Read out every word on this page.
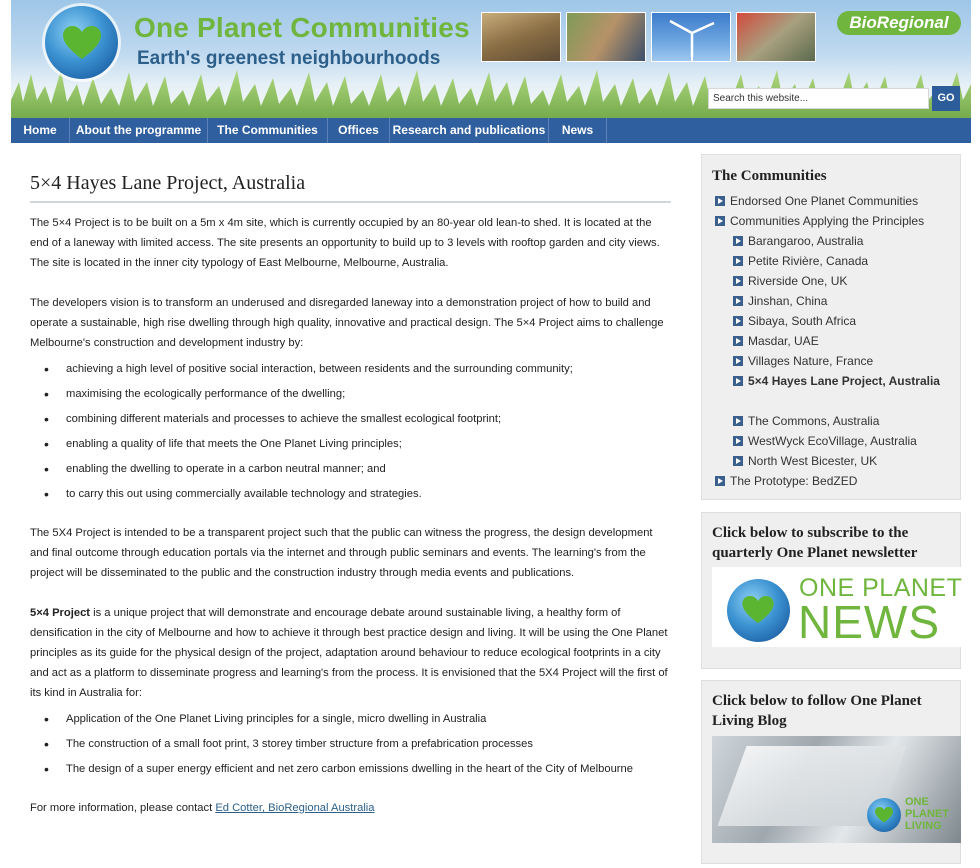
One Planet Communities
Earth's greenest neighbourhoods
BioRegional
Search this website...	GO
Home	About the programme	The Communities	Offices	Research and publications	News
5×4 Hayes Lane Project, Australia

The 5×4 Project is to be built on a 5m x 4m site, which is currently occupied by an 80-year old lean-to shed. It is located at the end of a laneway with limited access. The site presents an opportunity to build up to 3 levels with rooftop garden and city views. The site is located in the inner city typology of East Melbourne, Melbourne, Australia.

The developers vision is to transform an underused and disregarded laneway into a demonstration project of how to build and operate a sustainable, high rise dwelling through high quality, innovative and practical design. The 5×4 Project aims to challenge Melbourne's construction and development industry by:

• achieving a high level of positive social interaction, between residents and the surrounding community;
• maximising the ecologically performance of the dwelling;
• combining different materials and processes to achieve the smallest ecological footprint;
• enabling a quality of life that meets the One Planet Living principles;
• enabling the dwelling to operate in a carbon neutral manner; and
• to carry this out using commercially available technology and strategies.

The 5X4 Project is intended to be a transparent project such that the public can witness the progress, the design development and final outcome through education portals via the internet and through public seminars and events. The learning's from the project will be disseminated to the public and the construction industry through media events and publications.

5×4 Project is a unique project that will demonstrate and encourage debate around sustainable living, a healthy form of densification in the city of Melbourne and how to achieve it through best practice design and living. It will be using the One Planet principles as its guide for the physical design of the project, adaptation around behaviour to reduce ecological footprints in a city and act as a platform to disseminate progress and learning's from the process. It is envisioned that the 5X4 Project will the first of its kind in Australia for:

• Application of the One Planet Living principles for a single, micro dwelling in Australia
• The construction of a small foot print, 3 storey timber structure from a prefabrication processes
• The design of a super energy efficient and net zero carbon emissions dwelling in the heart of the City of Melbourne

For more information, please contact Ed Cotter, BioRegional Australia

The Communities
Endorsed One Planet Communities
Communities Applying the Principles
Barangaroo, Australia
Petite Rivière, Canada
Riverside One, UK
Jinshan, China
Sibaya, South Africa
Masdar, UAE
Villages Nature, France
5×4 Hayes Lane Project, Australia
The Commons, Australia
WestWyck EcoVillage, Australia
North West Bicester, UK
The Prototype: BedZED
Click below to subscribe to the quarterly One Planet newsletter
ONE PLANET
NEWS
Click below to follow One Planet Living Blog
ONE PLANET LIVING
